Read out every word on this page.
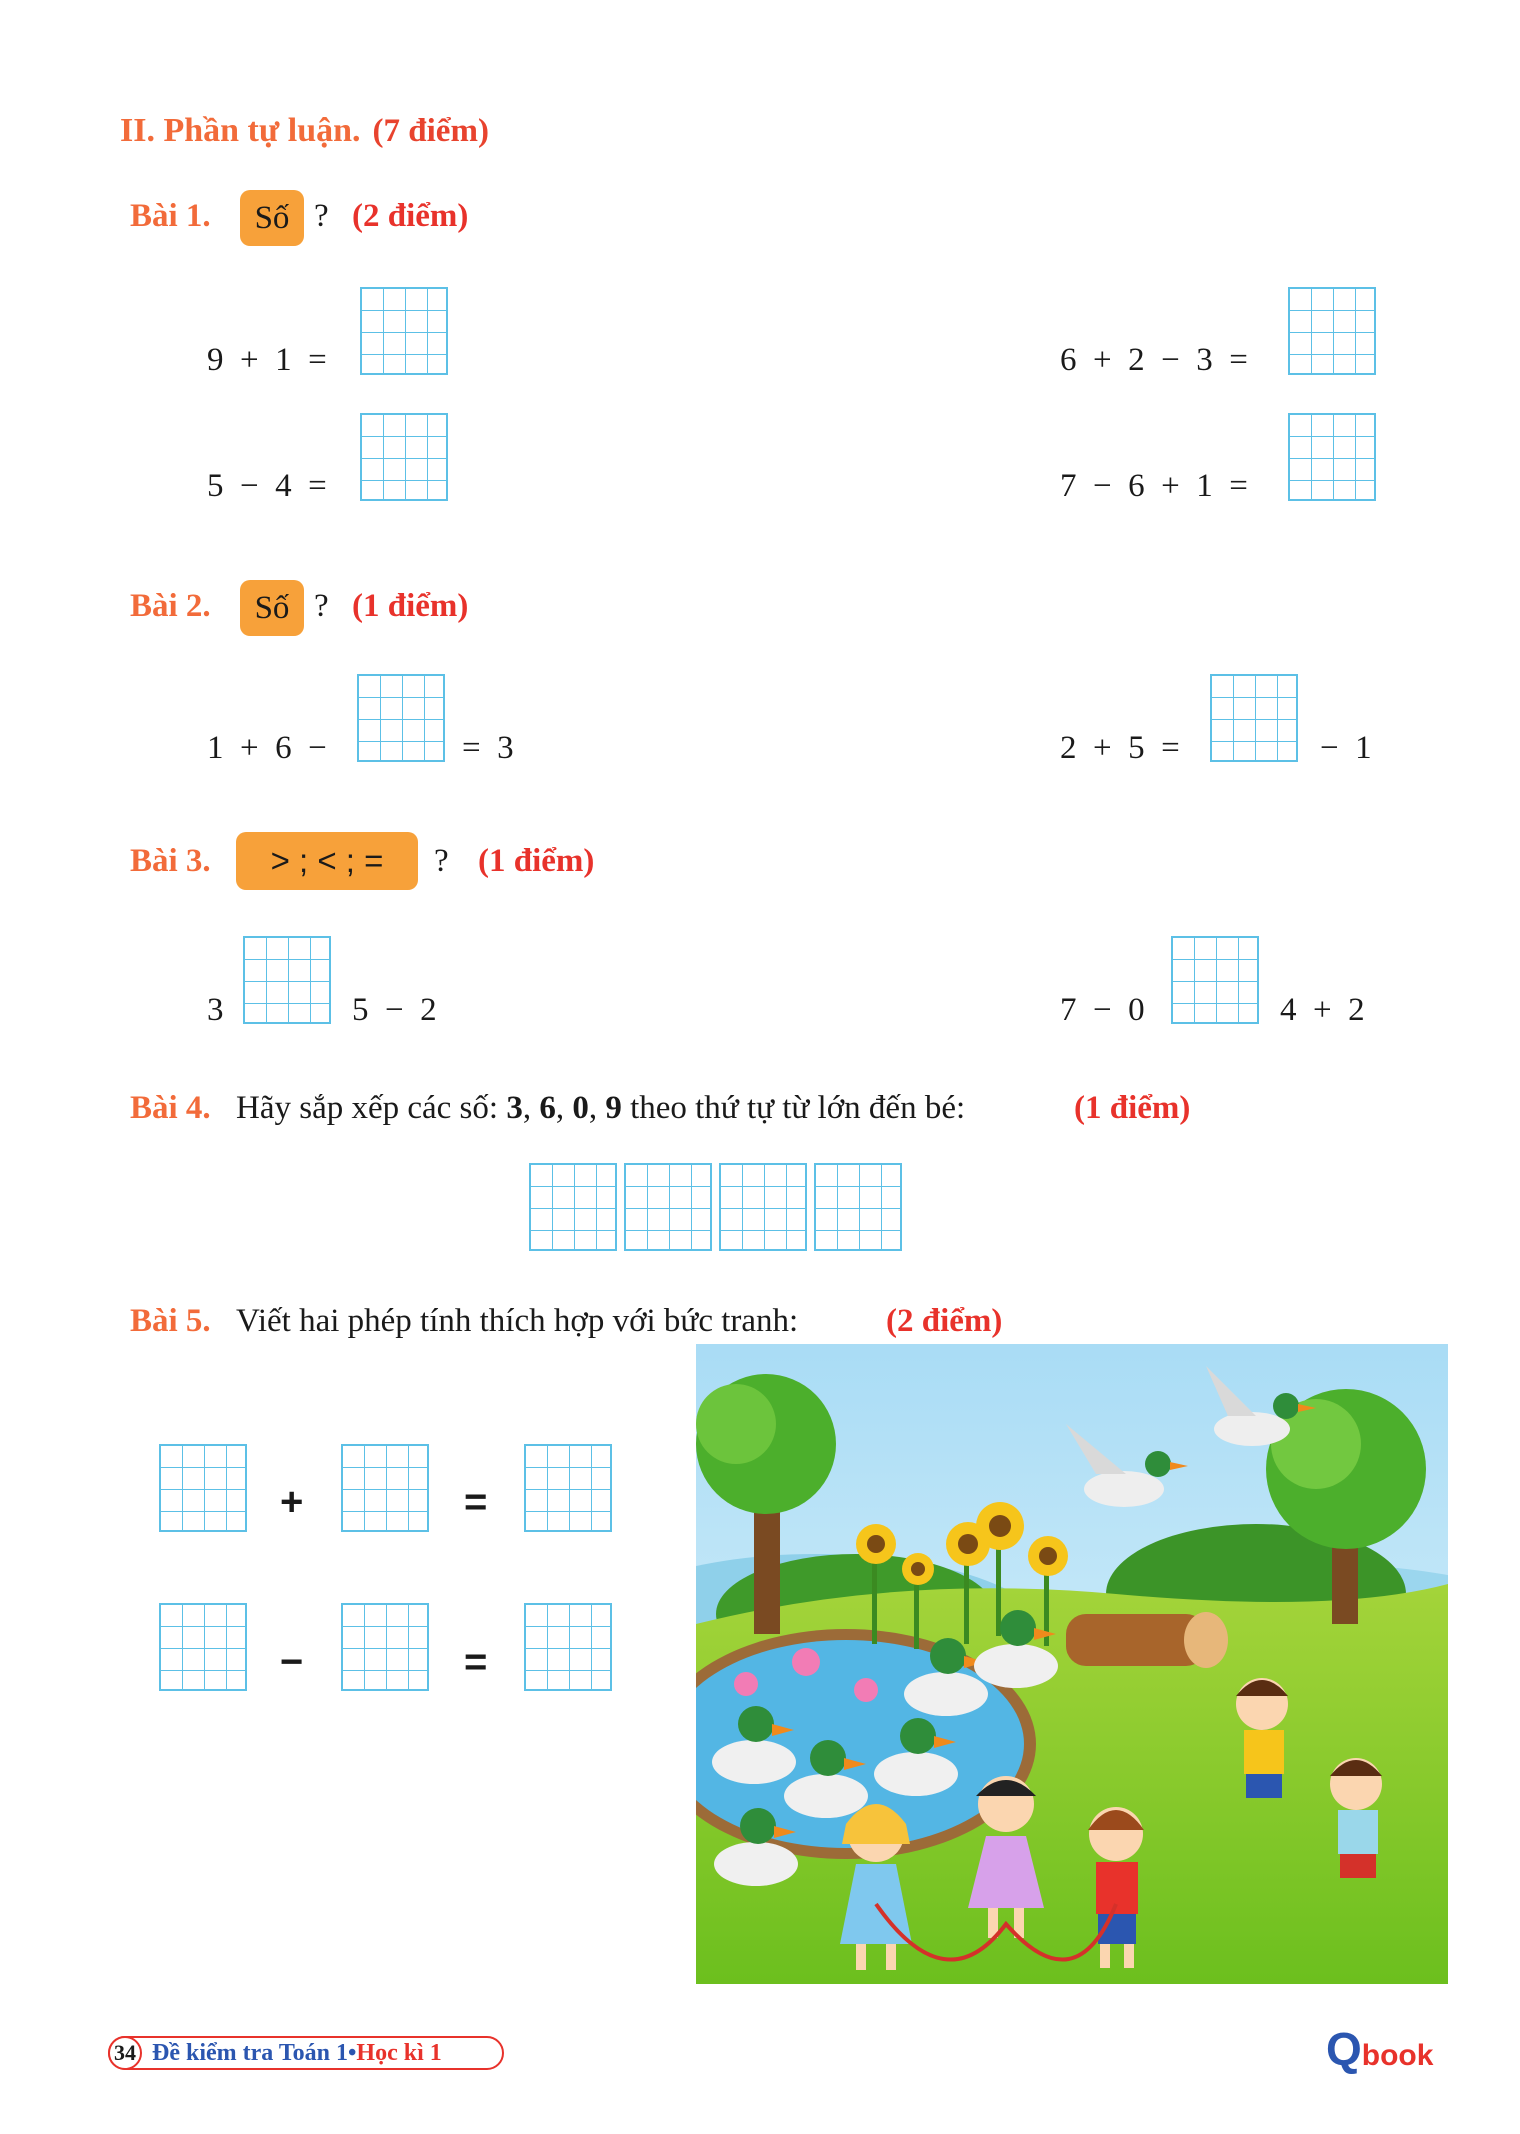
II. Phần tự luận. (7 điểm)
Bài 1.	Số ? (2 điểm)
9  +  1  =	6  +  2  −  3  =
5  −  4  =	7  −  6  +  1  =
Bài 2.	Số ? (1 điểm)
1  +  6  −	=  3	2  +  5  =	−  1
Bài 3.	> ; < ; =	? (1 điểm)
3	5  −  2	7  −  0	4  +  2
Bài 4. Hãy sắp xếp các số: 3, 6, 0, 9 theo thứ tự từ lớn đến bé:	(1 điểm)
Bài 5. Viết hai phép tính thích hợp với bức tranh:	(2 điểm)
+	=
−	=
34 Đề kiểm tra Toán 1 • Học kì 1	Qbook
